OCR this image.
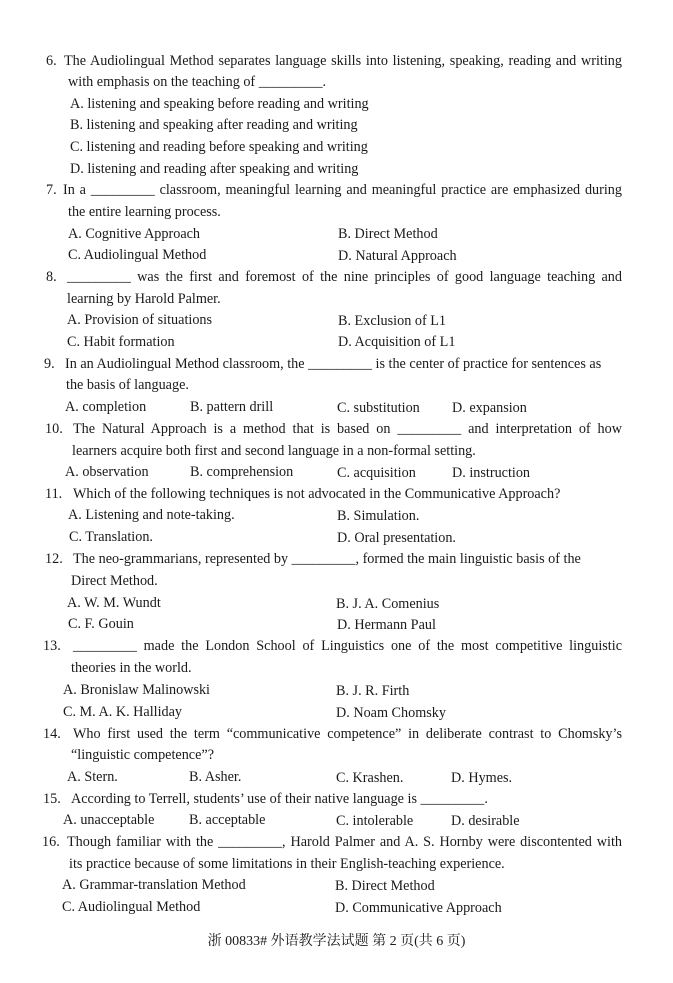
6. The Audiolingual Method separates language skills into listening, speaking, reading and writing
with emphasis on the teaching of _________.
A. listening and speaking before reading and writing
B. listening and speaking after reading and writing
C. listening and reading before speaking and writing
D. listening and reading after speaking and writing
7. In a _________ classroom, meaningful learning and meaningful practice are emphasized during
the entire learning process.
A. Cognitive Approach	B. Direct Method
C. Audiolingual Method	D. Natural Approach
8. _________ was the first and foremost of the nine principles of good language teaching and
learning by Harold Palmer.
A. Provision of situations	B. Exclusion of L1
C. Habit formation	D. Acquisition of L1
9. In an Audiolingual Method classroom, the _________ is the center of practice for sentences as
the basis of language.
A. completion	B. pattern drill	C. substitution D. expansion
10. The Natural Approach is a method that is based on _________ and interpretation of how
learners acquire both first and second language in a non-formal setting.
A. observation	B. comprehension	C. acquisition	D. instruction
11. Which of the following techniques is not advocated in the Communicative Approach?
A. Listening and note-taking.	B. Simulation.
C. Translation.	D. Oral presentation.
12. The neo-grammarians, represented by _________, formed the main linguistic basis of the
Direct Method.
A. W. M. Wundt	B. J. A. Comenius
C. F. Gouin	D. Hermann Paul
13. _________ made the London School of Linguistics one of the most competitive linguistic
theories in the world.
A. Bronislaw Malinowski	B. J. R. Firth
C. M. A. K. Halliday	D. Noam Chomsky
14. Who first used the term “communicative competence” in deliberate contrast to Chomsky’s
“linguistic competence”?
A. Stern.	B. Asher.	C. Krashen.	D. Hymes.
15. According to Terrell, students’ use of their native language is _________.
A. unacceptable B. acceptable	C. intolerable	D. desirable
16. Though familiar with the _________, Harold Palmer and A. S. Hornby were discontented with
its practice because of some limitations in their English-teaching experience.
A. Grammar-translation Method	B. Direct Method
C. Audiolingual Method	D. Communicative Approach
浙 00833# 外语教学法试题 第 2 页(共 6 页)
